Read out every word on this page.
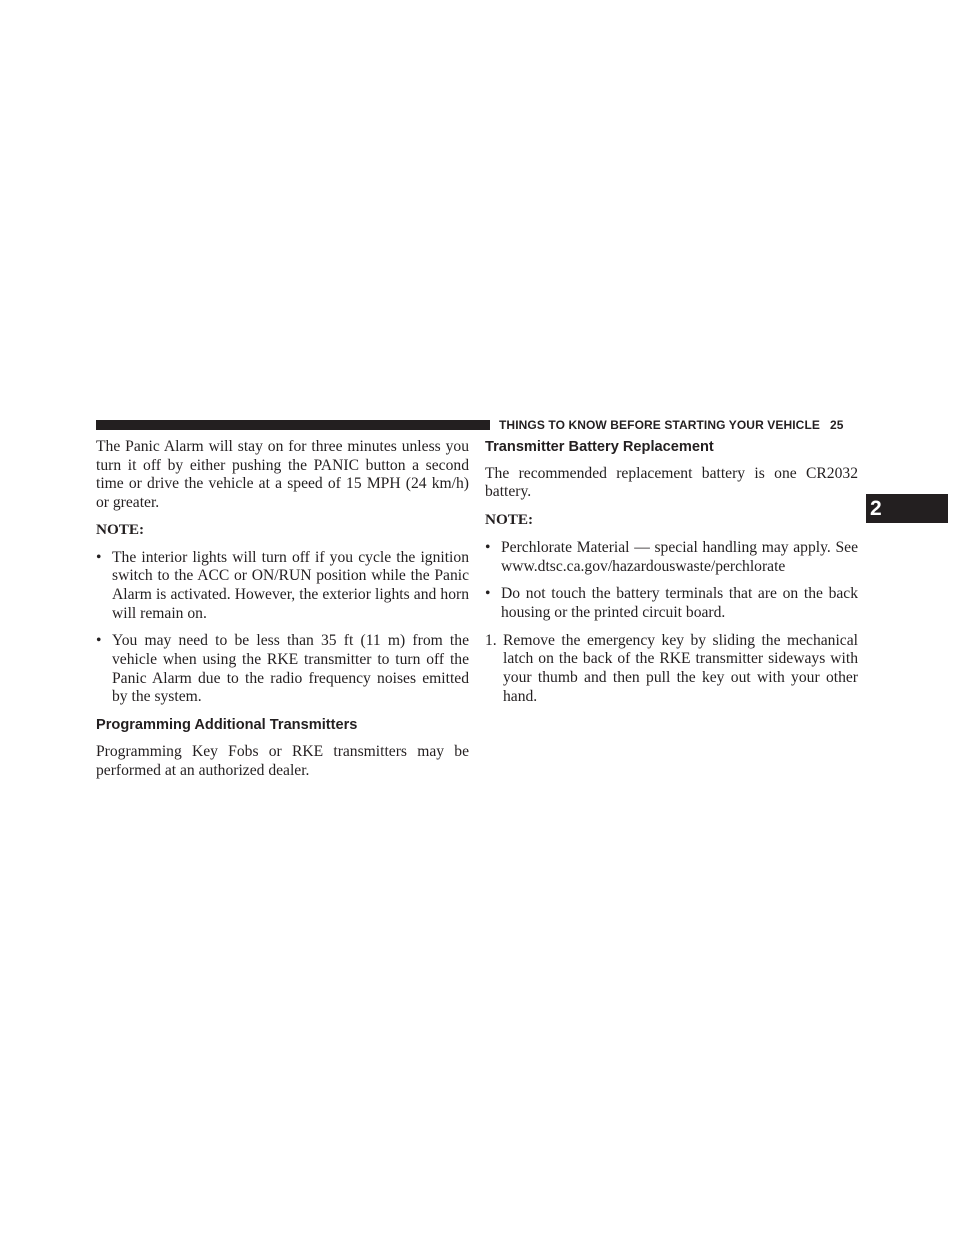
THINGS TO KNOW BEFORE STARTING YOUR VEHICLE 25
2

The Panic Alarm will stay on for three minutes unless you turn it off by either pushing the PANIC button a second time or drive the vehicle at a speed of 15 MPH (24 km/h) or greater.

NOTE:

• The interior lights will turn off if you cycle the ignition switch to the ACC or ON/RUN position while the Panic Alarm is activated. However, the exterior lights and horn will remain on.
• You may need to be less than 35 ft (11 m) from the vehicle when using the RKE transmitter to turn off the Panic Alarm due to the radio frequency noises emitted by the system.
Programming Additional Transmitters

Programming Key Fobs or RKE transmitters may be performed at an authorized dealer.

Transmitter Battery Replacement

The recommended replacement battery is one CR2032 battery.

NOTE:

• Perchlorate Material — special handling may apply. See www.dtsc.ca.gov/hazardouswaste/perchlorate
• Do not touch the battery terminals that are on the back housing or the printed circuit board.
1. Remove the emergency key by sliding the mechanical latch on the back of the RKE transmitter sideways with your thumb and then pull the key out with your other hand.
